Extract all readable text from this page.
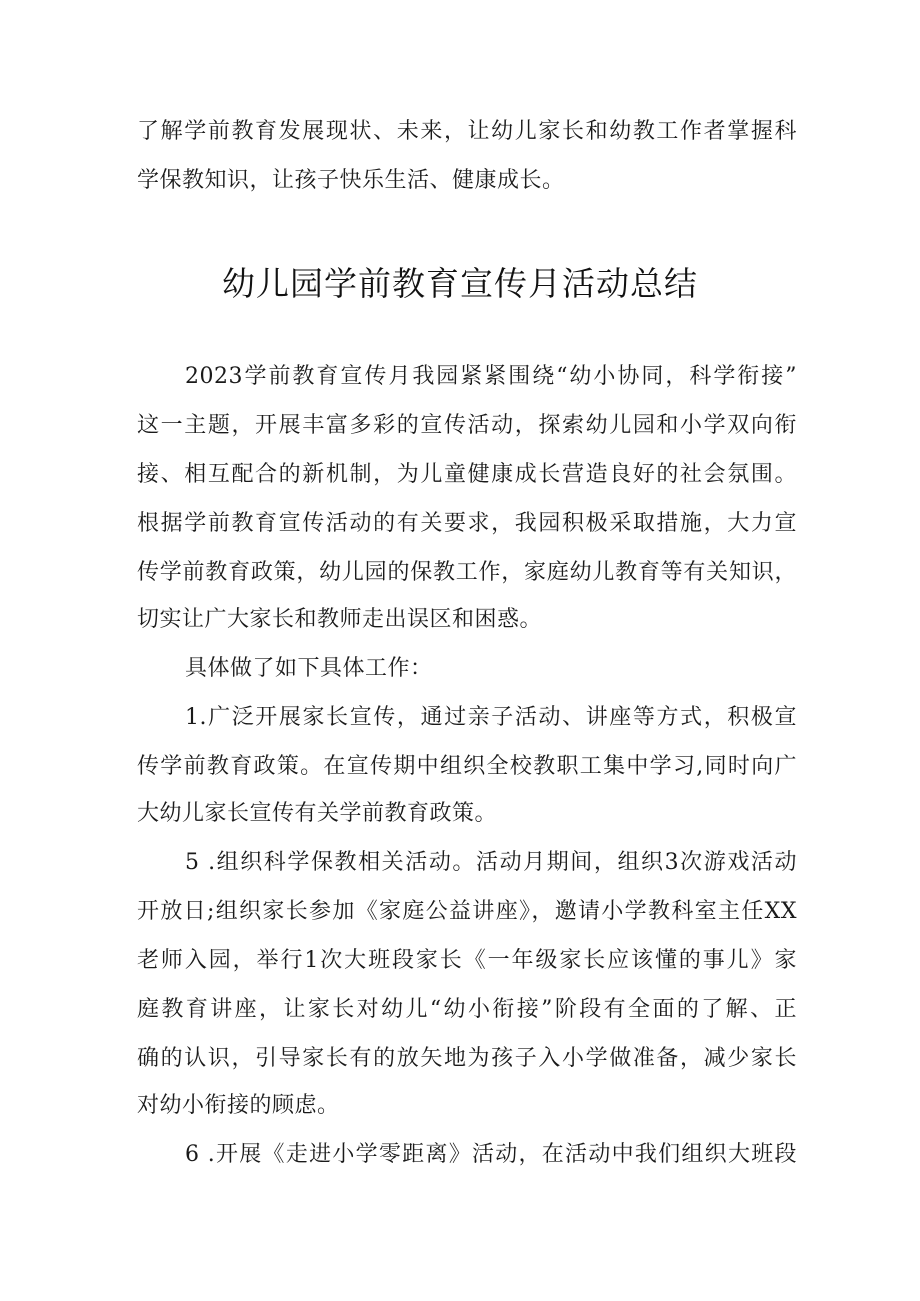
了解学前教育发展现状、未来，让幼儿家长和幼教工作者掌握科
学保教知识，让孩子快乐生活、健康成长。
幼儿园学前教育宣传月活动总结
2023学前教育宣传月我园紧紧围绕“幼小协同，科学衔接”
这一主题，开展丰富多彩的宣传活动，探索幼儿园和小学双向衔
接、相互配合的新机制，为儿童健康成长营造良好的社会氛围。
根据学前教育宣传活动的有关要求，我园积极采取措施，大力宣
传学前教育政策，幼儿园的保教工作，家庭幼儿教育等有关知识，
切实让广大家长和教师走出误区和困惑。
具体做了如下具体工作：
1.广泛开展家长宣传，通过亲子活动、讲座等方式，积极宣
传学前教育政策。在宣传期中组织全校教职工集中学习,同时向广
大幼儿家长宣传有关学前教育政策。
5 .组织科学保教相关活动。活动月期间，组织3次游戏活动
开放日;组织家长参加《家庭公益讲座》，邀请小学教科室主任XX
老师入园，举行1次大班段家长《一年级家长应该懂的事儿》家
庭教育讲座，让家长对幼儿“幼小衔接”阶段有全面的了解、正
确的认识，引导家长有的放矢地为孩子入小学做准备，减少家长
对幼小衔接的顾虑。
6 .开展《走进小学零距离》活动，在活动中我们组织大班段
